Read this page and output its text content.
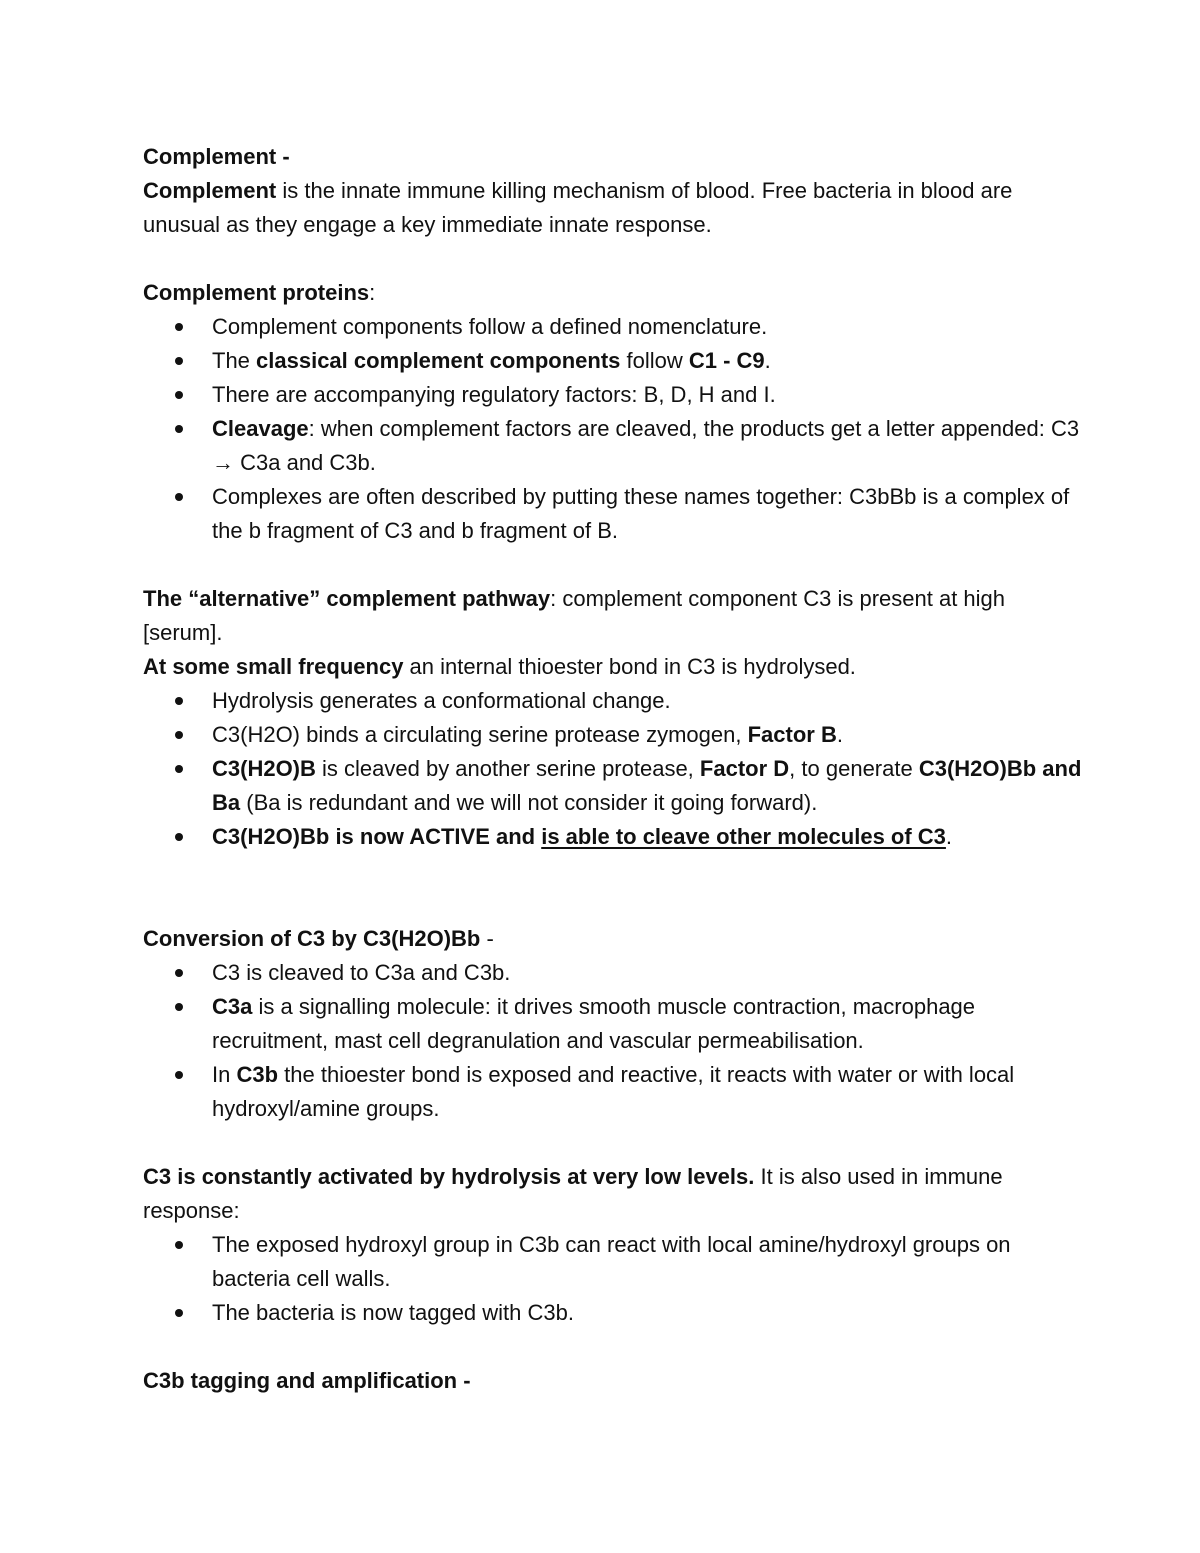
Complement -

Complement is the innate immune killing mechanism of blood. Free bacteria in blood are unusual as they engage a key immediate innate response.

Complement proteins:

Complement components follow a defined nomenclature.
The classical complement components follow C1 - C9.
There are accompanying regulatory factors: B, D, H and I.
Cleavage: when complement factors are cleaved, the products get a letter appended: C3 → C3a and C3b.
Complexes are often described by putting these names together: C3bBb is a complex of the b fragment of C3 and b fragment of B.

The “alternative” complement pathway: complement component C3 is present at high [serum].

At some small frequency an internal thioester bond in C3 is hydrolysed.

Hydrolysis generates a conformational change.
C3(H2O) binds a circulating serine protease zymogen, Factor B.
C3(H2O)B is cleaved by another serine protease, Factor D, to generate C3(H2O)Bb and Ba (Ba is redundant and we will not consider it going forward).
C3(H2O)Bb is now ACTIVE and is able to cleave other molecules of C3.

Conversion of C3 by C3(H2O)Bb -

C3 is cleaved to C3a and C3b.
C3a is a signalling molecule: it drives smooth muscle contraction, macrophage recruitment, mast cell degranulation and vascular permeabilisation.
In C3b the thioester bond is exposed and reactive, it reacts with water or with local hydroxyl/amine groups.

C3 is constantly activated by hydrolysis at very low levels. It is also used in immune response:

The exposed hydroxyl group in C3b can react with local amine/hydroxyl groups on bacteria cell walls.
The bacteria is now tagged with C3b.

C3b tagging and amplification -
